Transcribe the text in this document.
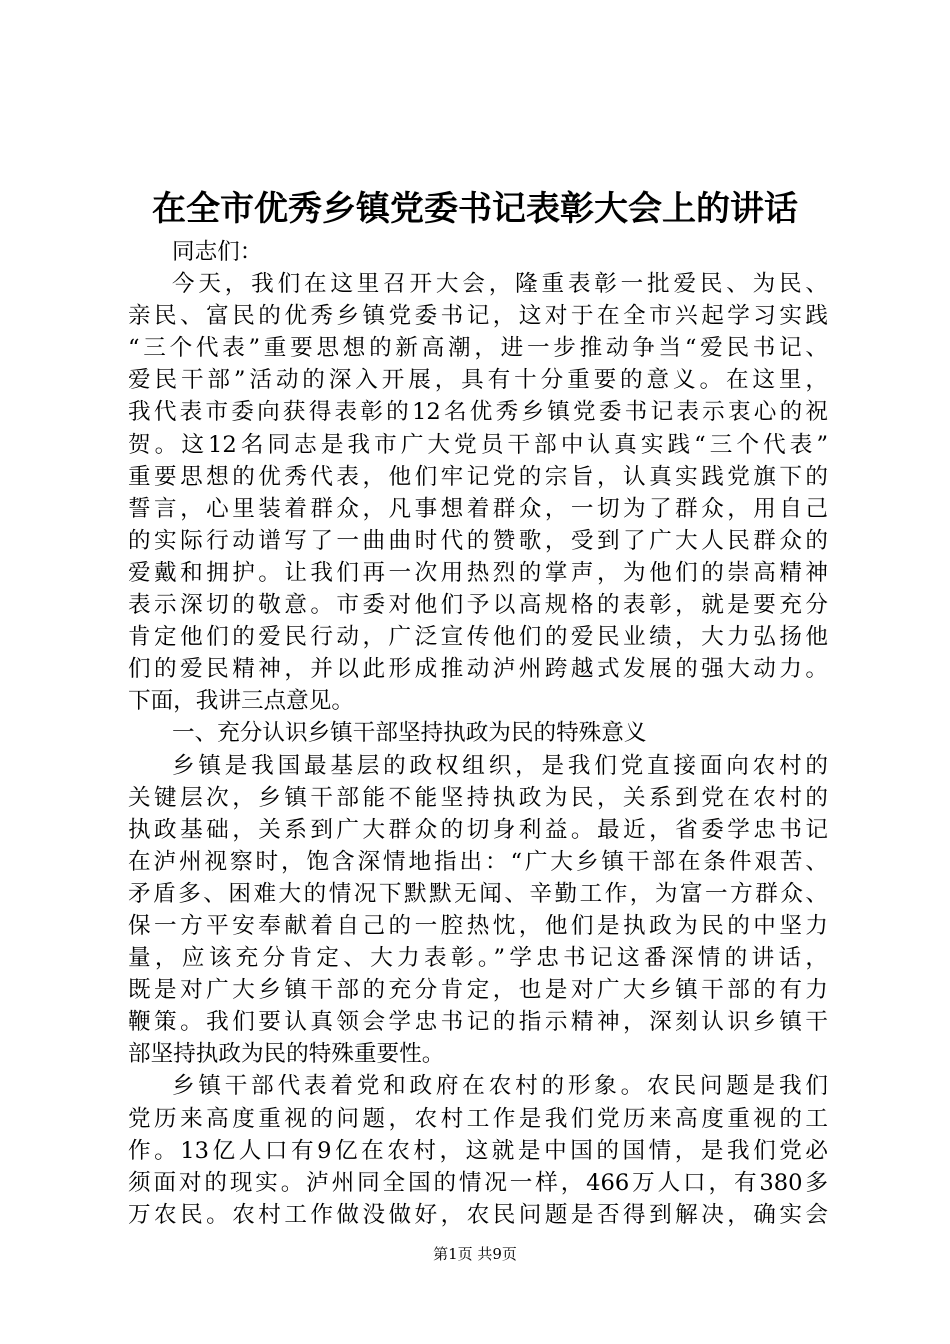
在全市优秀乡镇党委书记表彰大会上的讲话
同志们：
今天，我们在这里召开大会，隆重表彰一批爱民、为民、
亲民、富民的优秀乡镇党委书记，这对于在全市兴起学习实践
“三个代表”重要思想的新高潮，进一步推动争当“爱民书记、
爱民干部”活动的深入开展，具有十分重要的意义。在这里，
我代表市委向获得表彰的12名优秀乡镇党委书记表示衷心的祝
贺。这12名同志是我市广大党员干部中认真实践“三个代表”
重要思想的优秀代表，他们牢记党的宗旨，认真实践党旗下的
誓言，心里装着群众，凡事想着群众，一切为了群众，用自己
的实际行动谱写了一曲曲时代的赞歌，受到了广大人民群众的
爱戴和拥护。让我们再一次用热烈的掌声，为他们的崇高精神
表示深切的敬意。市委对他们予以高规格的表彰，就是要充分
肯定他们的爱民行动，广泛宣传他们的爱民业绩，大力弘扬他
们的爱民精神，并以此形成推动泸州跨越式发展的强大动力。
下面，我讲三点意见。
一、充分认识乡镇干部坚持执政为民的特殊意义
乡镇是我国最基层的政权组织，是我们党直接面向农村的
关键层次，乡镇干部能不能坚持执政为民，关系到党在农村的
执政基础，关系到广大群众的切身利益。最近，省委学忠书记
在泸州视察时，饱含深情地指出：“广大乡镇干部在条件艰苦、
矛盾多、困难大的情况下默默无闻、辛勤工作，为富一方群众、
保一方平安奉献着自己的一腔热忱，他们是执政为民的中坚力
量，应该充分肯定、大力表彰。”学忠书记这番深情的讲话，
既是对广大乡镇干部的充分肯定，也是对广大乡镇干部的有力
鞭策。我们要认真领会学忠书记的指示精神，深刻认识乡镇干
部坚持执政为民的特殊重要性。
乡镇干部代表着党和政府在农村的形象。农民问题是我们
党历来高度重视的问题，农村工作是我们党历来高度重视的工
作。13亿人口有9亿在农村，这就是中国的国情，是我们党必
须面对的现实。泸州同全国的情况一样，466万人口，有380多
万农民。农村工作做没做好，农民问题是否得到解决，确实会
第1页 共9页
